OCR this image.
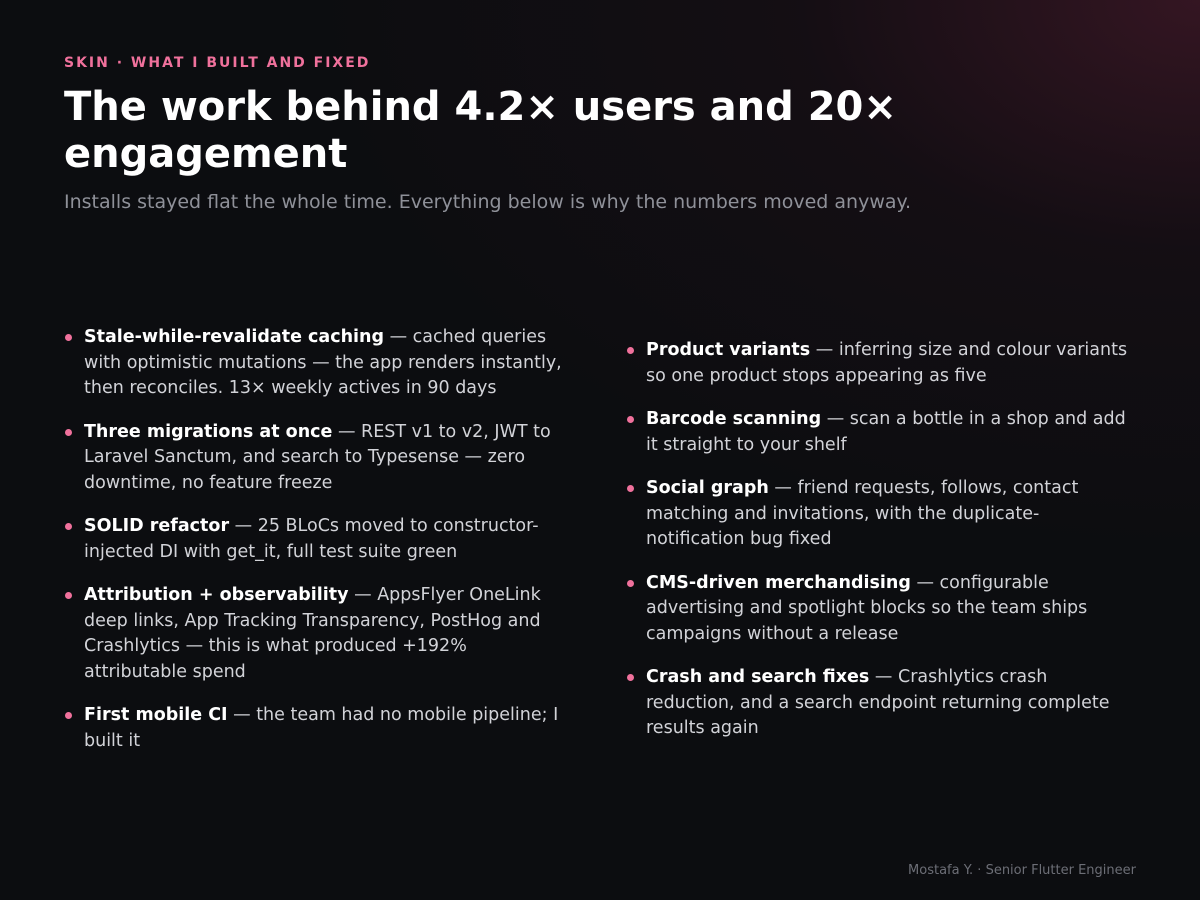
SKIN · WHAT I BUILT AND FIXED
The work behind 4.2× users and 20× engagement

Installs stayed flat the whole time. Everything below is why the numbers moved anyway.

Stale-while-revalidate caching — cached queries with optimistic mutations — the app renders instantly, then reconciles. 13× weekly actives in 90 days
Three migrations at once — REST v1 to v2, JWT to Laravel Sanctum, and search to Typesense — zero downtime, no feature freeze
SOLID refactor — 25 BLoCs moved to constructor-injected DI with get_it, full test suite green
Attribution + observability — AppsFlyer OneLink deep links, App Tracking Transparency, PostHog and Crashlytics — this is what produced +192% attributable spend
First mobile CI — the team had no mobile pipeline; I built it
Product variants — inferring size and colour variants so one product stops appearing as five
Barcode scanning — scan a bottle in a shop and add it straight to your shelf
Social graph — friend requests, follows, contact matching and invitations, with the duplicate-notification bug fixed
CMS-driven merchandising — configurable advertising and spotlight blocks so the team ships campaigns without a release
Crash and search fixes — Crashlytics crash reduction, and a search endpoint returning complete results again
Mostafa Y. · Senior Flutter Engineer
